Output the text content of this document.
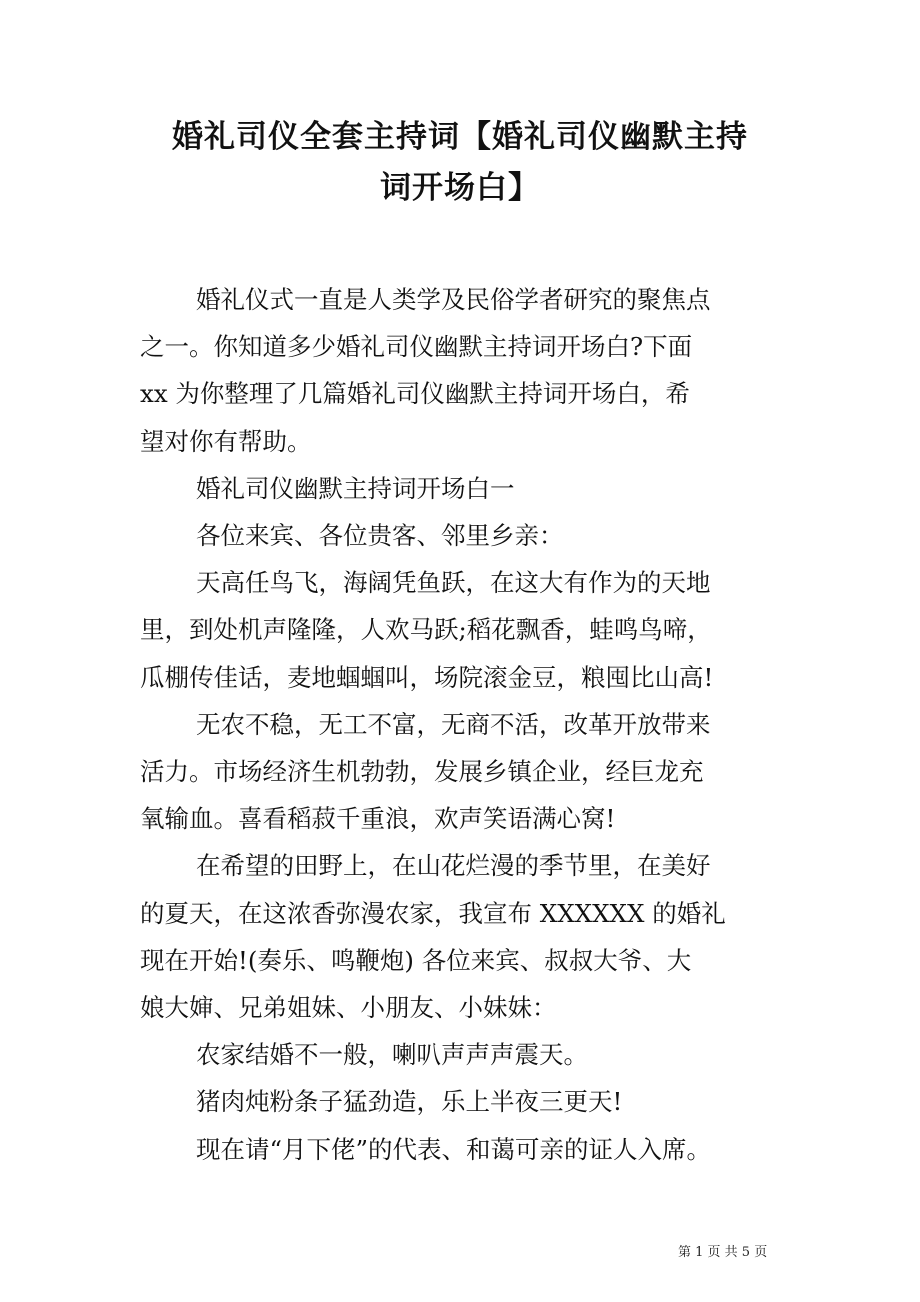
婚礼司仪全套主持词【婚礼司仪幽默主持
词开场白】

婚礼仪式一直是人类学及民俗学者研究的聚焦点
之一。你知道多少婚礼司仪幽默主持词开场白?下面
xx 为你整理了几篇婚礼司仪幽默主持词开场白，希
望对你有帮助。

婚礼司仪幽默主持词开场白一

各位来宾、各位贵客、邻里乡亲：

天高任鸟飞，海阔凭鱼跃，在这大有作为的天地
里，到处机声隆隆，人欢马跃;稻花飘香，蛙鸣鸟啼，
瓜棚传佳话，麦地蝈蝈叫，场院滚金豆，粮囤比山高!

无农不稳，无工不富，无商不活，改革开放带来
活力。市场经济生机勃勃，发展乡镇企业，经巨龙充
氧输血。喜看稻菽千重浪，欢声笑语满心窝!

在希望的田野上，在山花烂漫的季节里，在美好
的夏天，在这浓香弥漫农家，我宣布 XXXXXX 的婚礼
现在开始!(奏乐、鸣鞭炮) 各位来宾、叔叔大爷、大
娘大婶、兄弟姐妹、小朋友、小妹妹：

农家结婚不一般，喇叭声声声震天。

猪肉炖粉条子猛劲造，乐上半夜三更天!

现在请“月下佬”的代表、和蔼可亲的证人入席。

第 1 页 共 5 页
